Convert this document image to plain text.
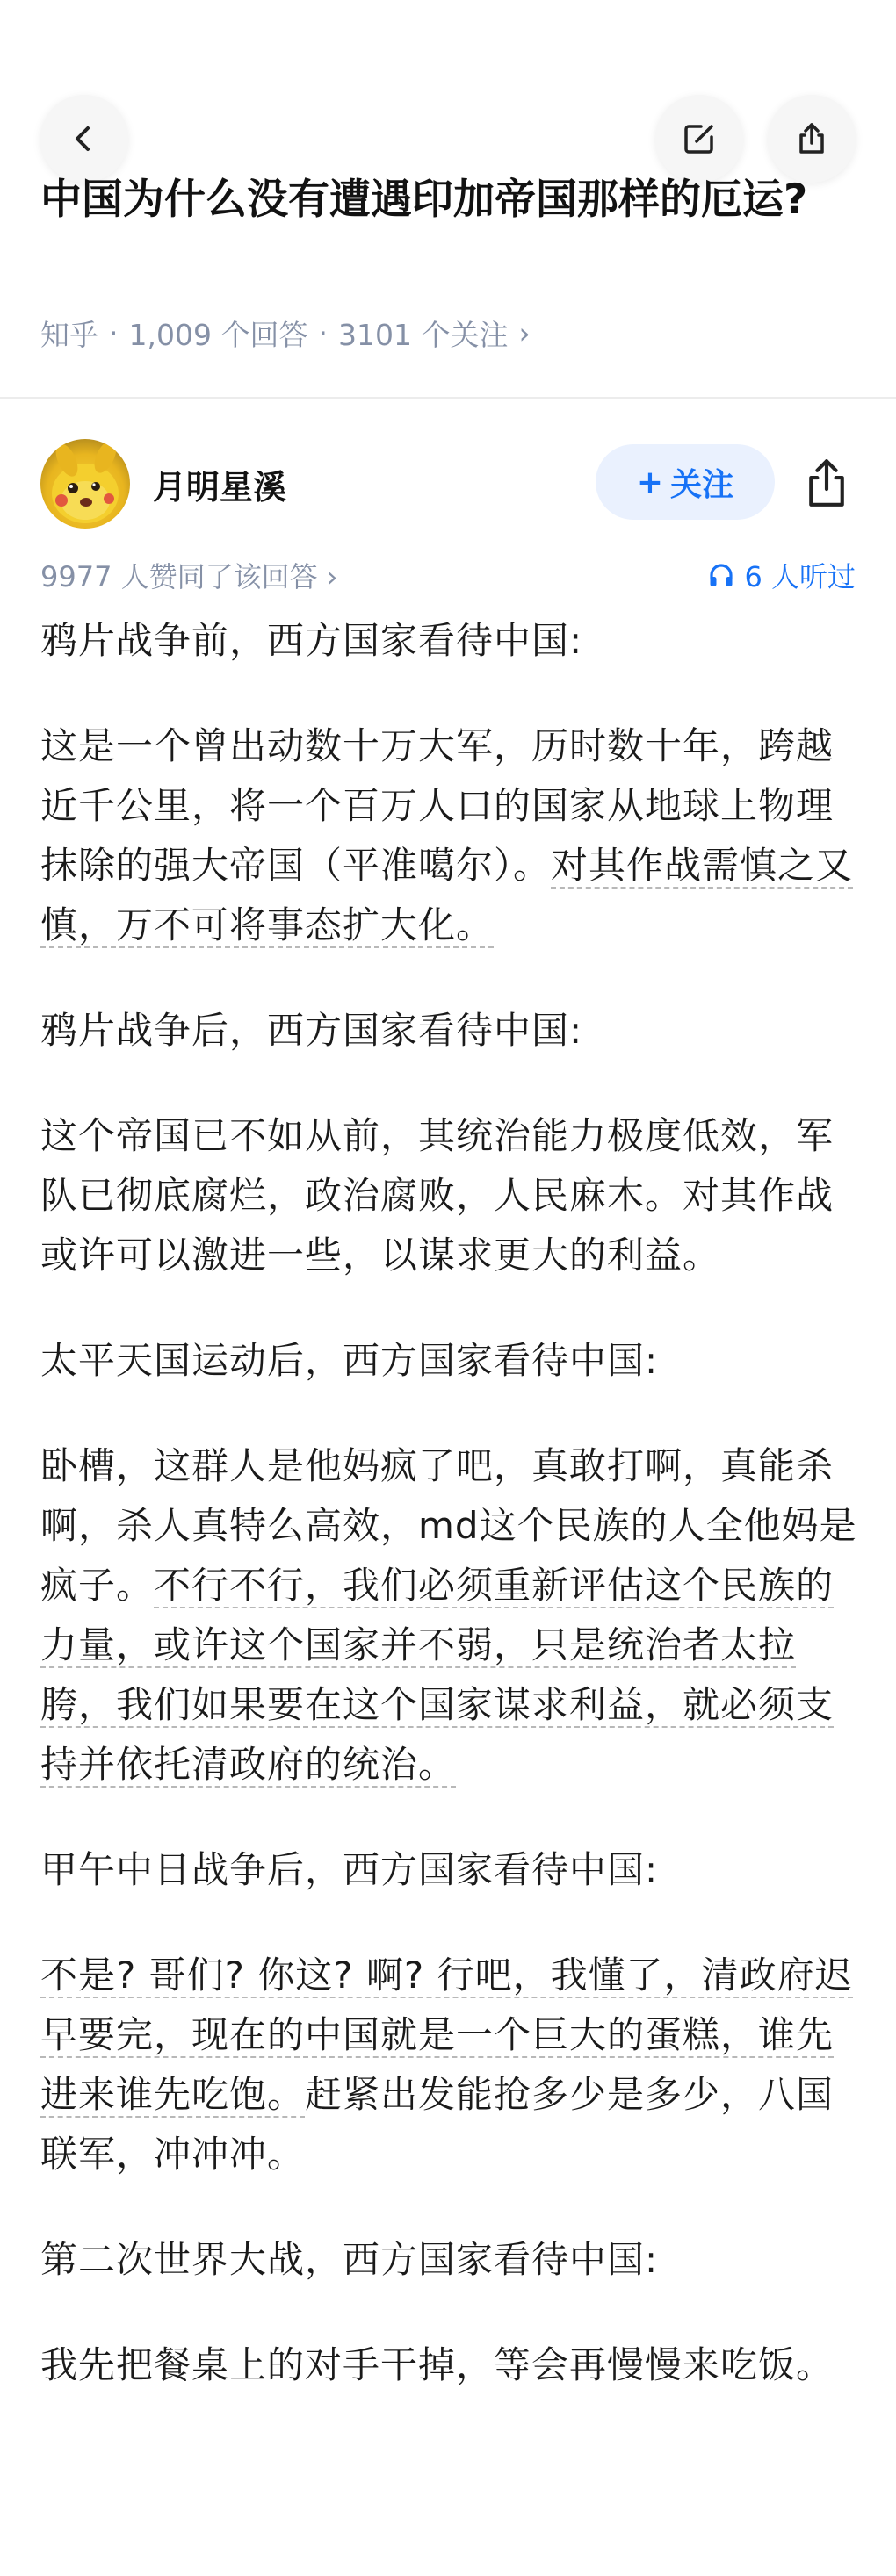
中国为什么没有遭遇印加帝国那样的厄运?
知乎 · 1,009 个回答 · 3101 个关注 ›
月明星溪	+ 关注
9977 人赞同了该回答 ›	6 人听过

鸦片战争前，西方国家看待中国:

这是一个曾出动数十万大军，历时数十年，跨越近千公里，将一个百万人口的国家从地球上物理抹除的强大帝国（平准噶尔）。对其作战需慎之又慎，万不可将事态扩大化。

鸦片战争后，西方国家看待中国:

这个帝国已不如从前，其统治能力极度低效，军队已彻底腐烂，政治腐败，人民麻木。对其作战或许可以激进一些，以谋求更大的利益。

太平天国运动后，西方国家看待中国:

卧槽，这群人是他妈疯了吧，真敢打啊，真能杀啊，杀人真特么高效，md这个民族的人全他妈是疯子。不行不行，我们必须重新评估这个民族的力量，或许这个国家并不弱，只是统治者太拉胯，我们如果要在这个国家谋求利益，就必须支持并依托清政府的统治。

甲午中日战争后，西方国家看待中国:

不是? 哥们? 你这? 啊? 行吧，我懂了，清政府迟早要完，现在的中国就是一个巨大的蛋糕，谁先进来谁先吃饱。赶紧出发能抢多少是多少，八国联军，冲冲冲。

第二次世界大战，西方国家看待中国:

我先把餐桌上的对手干掉，等会再慢慢来吃饭。
